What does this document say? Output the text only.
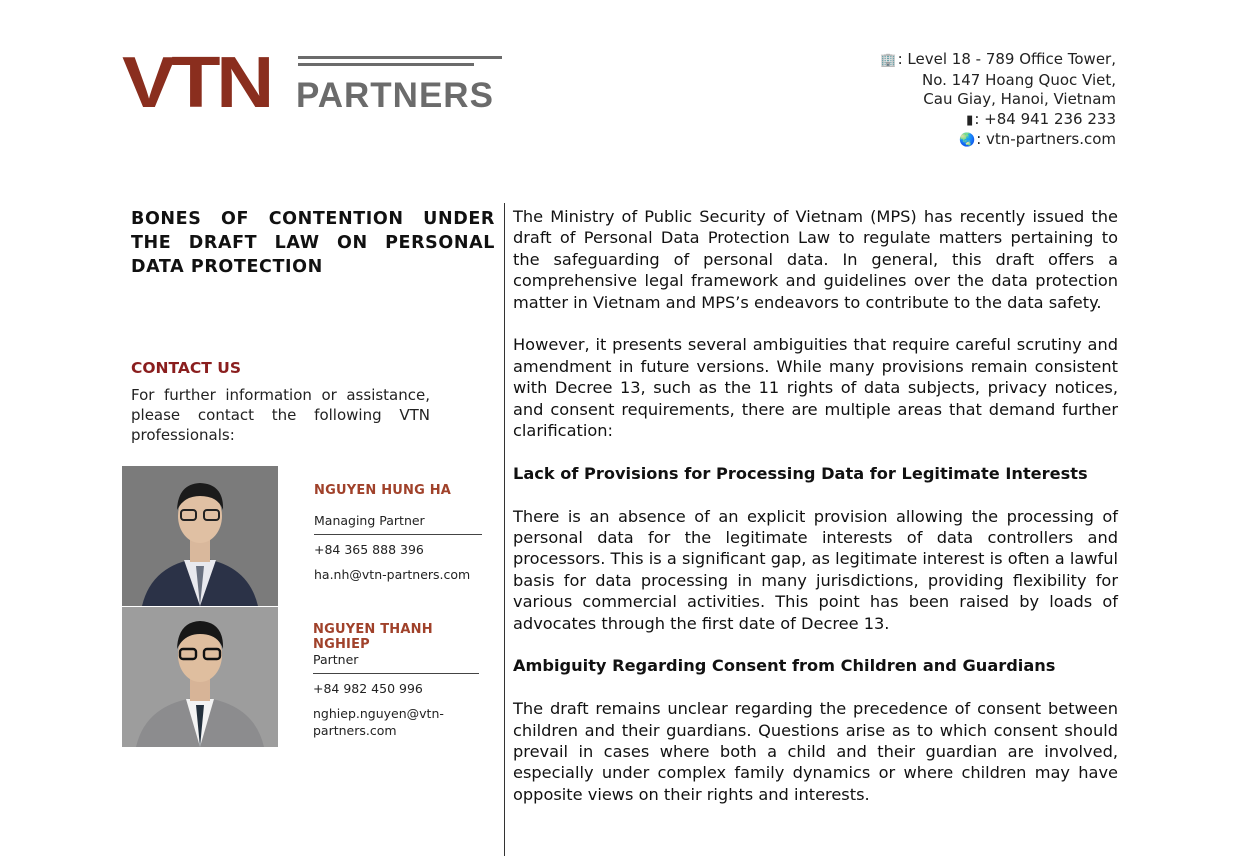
VTN PARTNERS
🏢: Level 18 - 789 Office Tower,
No. 147 Hoang Quoc Viet,
Cau Giay, Hanoi, Vietnam
▮: +84 941 236 233
🌏: vtn-partners.com
BONES OF CONTENTION UNDER THE DRAFT LAW ON PERSONAL DATA PROTECTION
CONTACT US
For further information or assistance, please contact the following VTN professionals:
NGUYEN HUNG HA
Managing Partner
+84 365 888 396
ha.nh@vtn-partners.com
NGUYEN THANH NGHIEP
Partner
+84 982 450 996
nghiep.nguyen@vtn-partners.com

The Ministry of Public Security of Vietnam (MPS) has recently issued the draft of Personal Data Protection Law to regulate matters pertaining to the safeguarding of personal data. In general, this draft offers a comprehensive legal framework and guidelines over the data protection matter in Vietnam and MPS’s endeavors to contribute to the data safety.

However, it presents several ambiguities that require careful scrutiny and amendment in future versions. While many provisions remain consistent with Decree 13, such as the 11 rights of data subjects, privacy notices, and consent requirements, there are multiple areas that demand further clarification:

Lack of Provisions for Processing Data for Legitimate Interests

There is an absence of an explicit provision allowing the processing of personal data for the legitimate interests of data controllers and processors. This is a significant gap, as legitimate interest is often a lawful basis for data processing in many jurisdictions, providing flexibility for various commercial activities. This point has been raised by loads of advocates through the first date of Decree 13.

Ambiguity Regarding Consent from Children and Guardians

The draft remains unclear regarding the precedence of consent between children and their guardians. Questions arise as to which consent should prevail in cases where both a child and their guardian are involved, especially under complex family dynamics or where children may have opposite views on their rights and interests.
